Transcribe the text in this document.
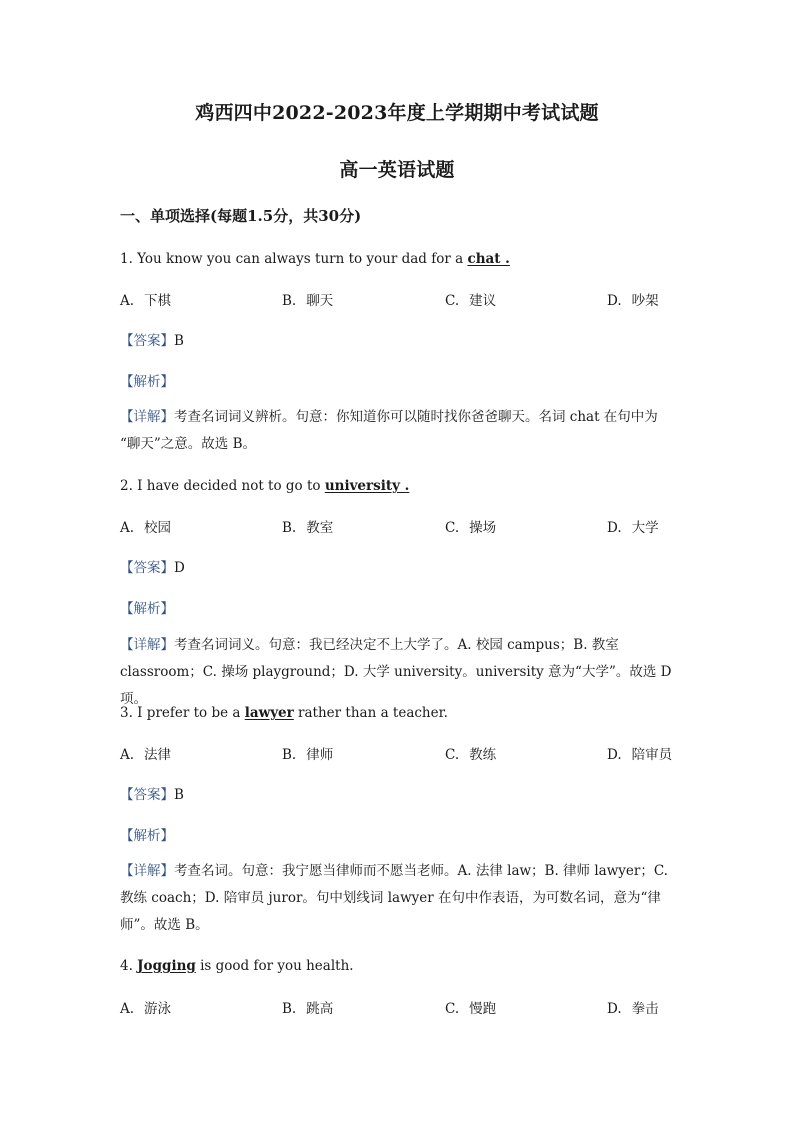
鸡西四中2022-2023年度上学期期中考试试题
高一英语试题
一、单项选择(每题1.5分，共30分)
1. You know you can always turn to your dad for a chat .
A. 下棋	B. 聊天	C. 建议	D. 吵架
【答案】B
【解析】
【详解】考查名词词义辨析。句意：你知道你可以随时找你爸爸聊天。名词 chat 在句中为
“聊天”之意。故选 B。
2. I have decided not to go to university .
A. 校园	B. 教室	C. 操场	D. 大学
【答案】D
【解析】
【详解】考查名词词义。句意：我已经决定不上大学了。A. 校园 campus；B. 教室
classroom；C. 操场 playground；D. 大学 university。university 意为“大学”。故选 D 项。
3. I prefer to be a lawyer rather than a teacher.
A. 法律	B. 律师	C. 教练	D. 陪审员
【答案】B
【解析】
【详解】考查名词。句意：我宁愿当律师而不愿当老师。A. 法律 law；B. 律师 lawyer；C.
教练 coach；D. 陪审员 juror。句中划线词 lawyer 在句中作表语，为可数名词，意为“律
师”。故选 B。
4. Jogging is good for you health.
A. 游泳	B. 跳高	C. 慢跑	D. 拳击
